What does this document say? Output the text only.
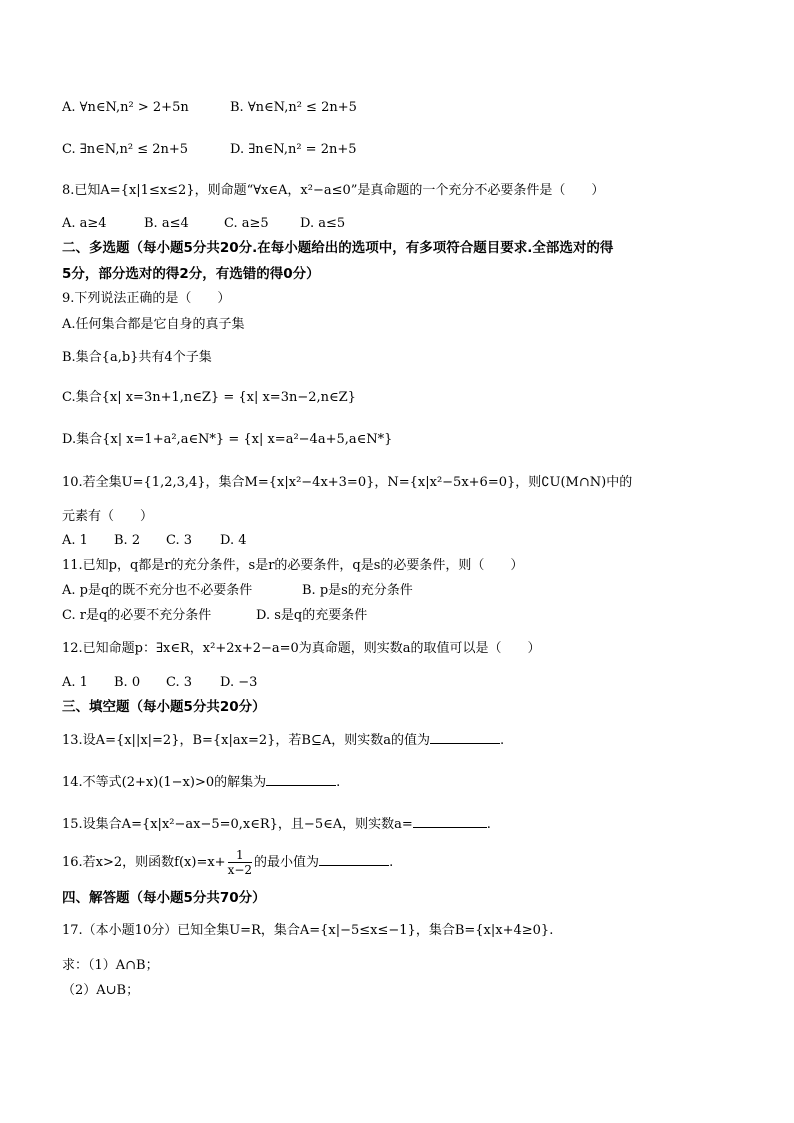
A. ∀n∈N,n² > 2+5n	B. ∀n∈N,n² ≤ 2n+5
C. ∃n∈N,n² ≤ 2n+5	D. ∃n∈N,n² = 2n+5
8.已知A={x|1≤x≤2}，则命题“∀x∈A，x²−a≤0”是真命题的一个充分不必要条件是（　　）
A. a≥4	B. a≤4	C. a≥5 D. a≤5
二、多选题（每小题5分共20分.在每小题给出的选项中，有多项符合题目要求.全部选对的得
5分，部分选对的得2分，有选错的得0分）
9.下列说法正确的是（　　）
A.任何集合都是它自身的真子集
B.集合{a,b}共有4个子集
C.集合{x| x=3n+1,n∈Z} = {x| x=3n−2,n∈Z}
D.集合{x| x=1+a²,a∈N*} = {x| x=a²−4a+5,a∈N*}
10.若全集U={1,2,3,4}，集合M={x|x²−4x+3=0}，N={x|x²−5x+6=0}，则∁U(M∩N)中的
元素有（　　）
A. 1 B. 2 C. 3 D. 4
11.已知p，q都是r的充分条件，s是r的必要条件，q是s的必要条件，则（　　）
A. p是q的既不充分也不必要条件	B. p是s的充分条件
C. r是q的必要不充分条件	D. s是q的充要条件
12.已知命题p：∃x∈R，x²+2x+2−a=0为真命题，则实数a的取值可以是（　　）
A. 1 B. 0 C. 3 D. −3
三、填空题（每小题5分共20分）
13.设A={x||x|=2}，B={x|ax=2}，若B⊆A，则实数a的值为	.
14.不等式(2+x)(1−x)>0的解集为	.
15.设集合A={x|x²−ax−5=0,x∈R}，且−5∈A，则实数a=	.
16.若x>2，则函数$f(x)=x+ \frac{1}{x-2}$ 的最小值为	.
四、解答题（每小题5分共70分）
17.（本小题10分）已知全集U=R，集合A={x|−5≤x≤−1}，集合B={x|x+4≥0}.
求：（1）A∩B；
（2）A∪B；
